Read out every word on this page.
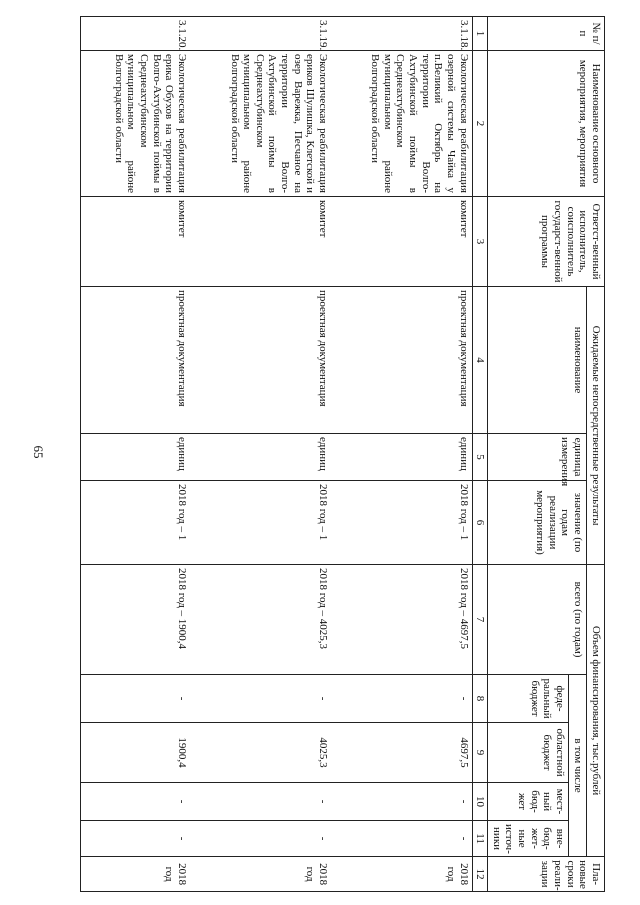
65
№ п/п	Наименование основного мероприятия, мероприятия	Ответст-венный исполнитель, соисполнитель государст-венной программы	Ожидаемые непосредственные результаты			Объем финансирования, тыс.рублей					Пла-новые сроки реали-зации
			наименование	единица измерения	значение (по годам реализации мероприятия)	всего (по годам)	в том числе				
							феде-ральный бюджет	областной бюджет	мест-ный бюд-жет	вне-бюд-жет-ные источ-ники	
1	2	3	4	5	6	7	8	9	10	11	12
3.1.18.	Экологическая реабилитация озерной системы Чайка у п.Великий Октябрь на территории Волго-Ахтубинской поймы в Среднеахтубинском муниципальном районе Волгоградской области	комитет	проектная документация	единиц	2018 год – 1	2018 год – 4697,5	-	4697,5	-	-	2018 год
3.1.19.	Экологическая реабилитация ериков Шулишка, Клетской и озер Варежка, Песчаное на территории Волго-Ахтубинской поймы в Среднеахтубинском муниципальном районе Волгоградской области	комитет	проектная документация	единиц	2018 год – 1	2018 год – 4025,3	-	4025,3	-	-	2018 год
3.1.20.	Экологическая реабилитация ерика Обухов на территории Волго-Ахтубинской поймы в Среднеахтубинском муниципальном районе Волгоградской области	комитет	проектная документация	единиц	2018 год – 1	2018 год – 1900,4	-	1900,4	-	-	2018 год
